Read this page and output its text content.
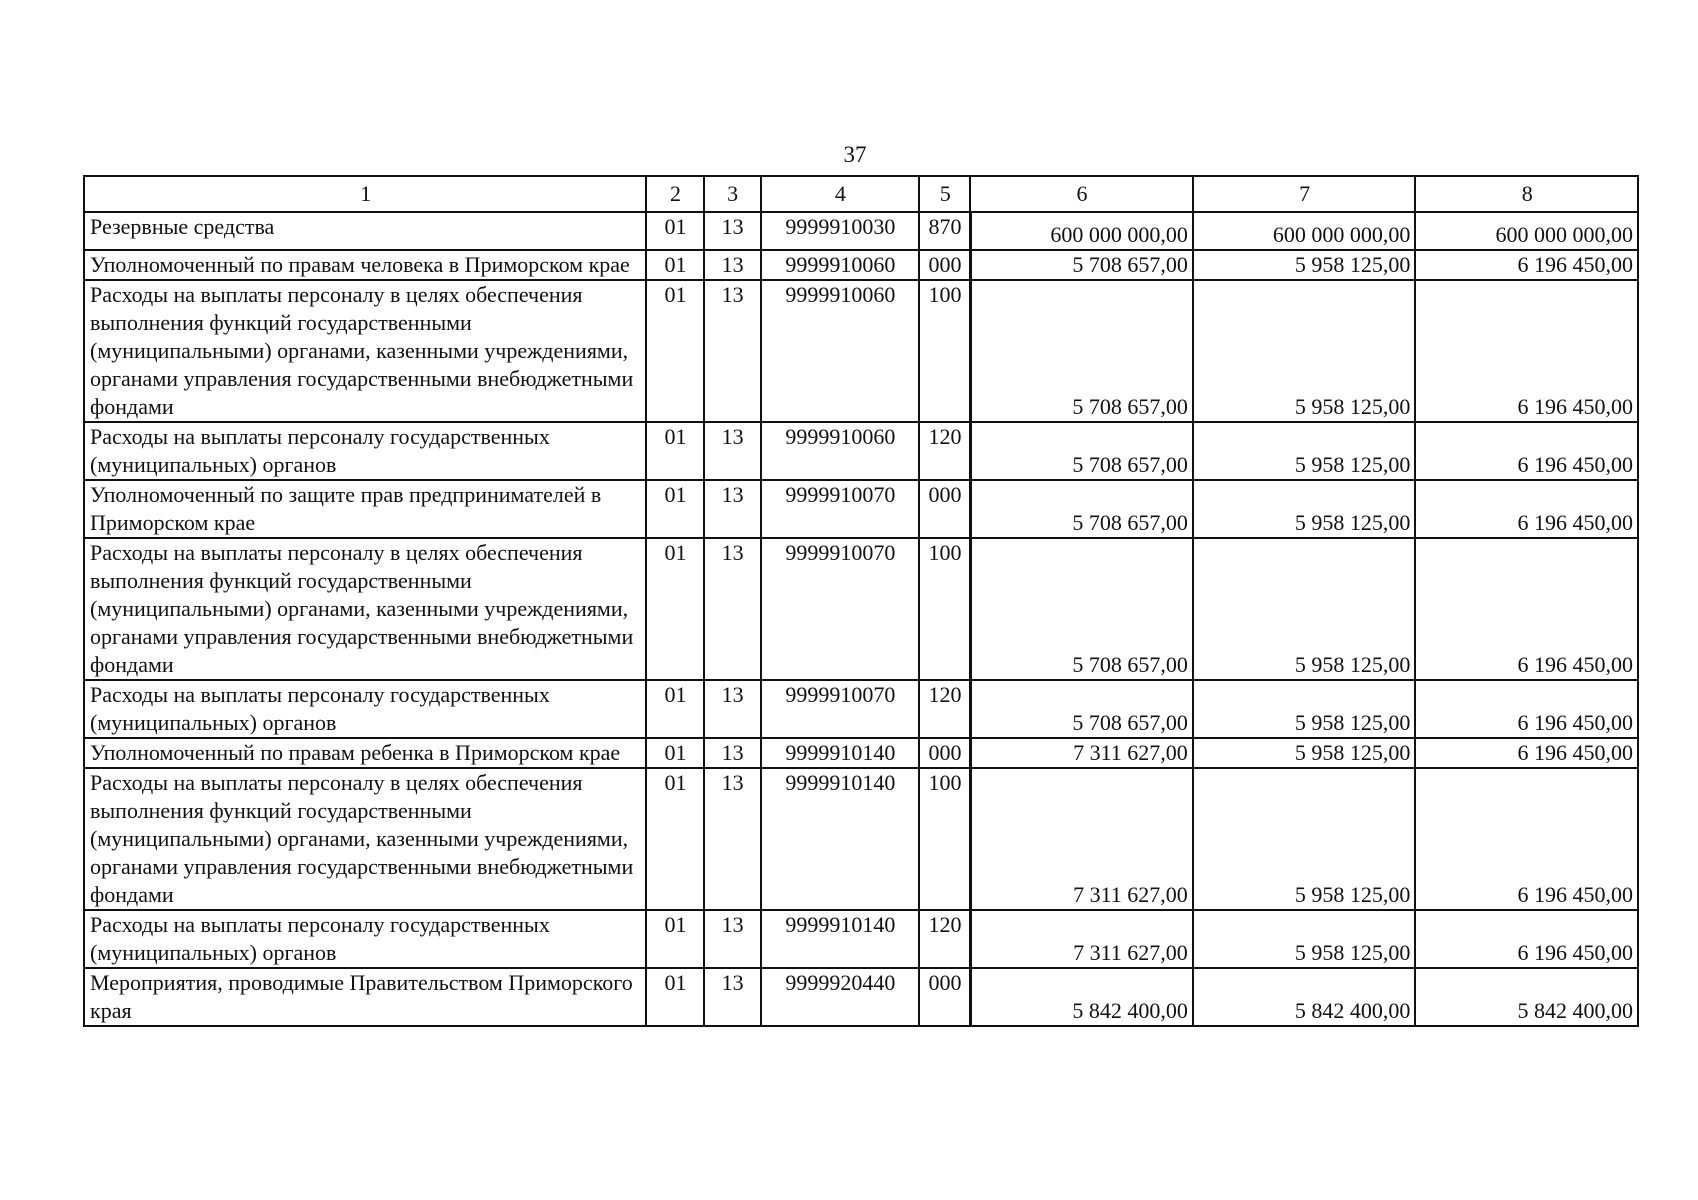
37
1	2	3	4	5	6	7	8
Резервные средства	01	13	9999910030	870	600 000 000,00	600 000 000,00	600 000 000,00
Уполномоченный по правам человека в Приморском крае	01	13	9999910060	000	5 708 657,00	5 958 125,00	6 196 450,00
Расходы на выплаты персоналу в целях обеспечения выполнения функций государственными (муниципальными) органами, казенными учреждениями, органами управления государственными внебюджетными фондами	01	13	9999910060	100	5 708 657,00	5 958 125,00	6 196 450,00
Расходы на выплаты персоналу государственных (муниципальных) органов	01	13	9999910060	120	5 708 657,00	5 958 125,00	6 196 450,00
Уполномоченный по защите прав предпринимателей в Приморском крае	01	13	9999910070	000	5 708 657,00	5 958 125,00	6 196 450,00
Расходы на выплаты персоналу в целях обеспечения выполнения функций государственными (муниципальными) органами, казенными учреждениями, органами управления государственными внебюджетными фондами	01	13	9999910070	100	5 708 657,00	5 958 125,00	6 196 450,00
Расходы на выплаты персоналу государственных (муниципальных) органов	01	13	9999910070	120	5 708 657,00	5 958 125,00	6 196 450,00
Уполномоченный по правам ребенка в Приморском крае	01	13	9999910140	000	7 311 627,00	5 958 125,00	6 196 450,00
Расходы на выплаты персоналу в целях обеспечения выполнения функций государственными (муниципальными) органами, казенными учреждениями, органами управления государственными внебюджетными фондами	01	13	9999910140	100	7 311 627,00	5 958 125,00	6 196 450,00
Расходы на выплаты персоналу государственных (муниципальных) органов	01	13	9999910140	120	7 311 627,00	5 958 125,00	6 196 450,00
Мероприятия, проводимые Правительством Приморского края	01	13	9999920440	000	5 842 400,00	5 842 400,00	5 842 400,00
